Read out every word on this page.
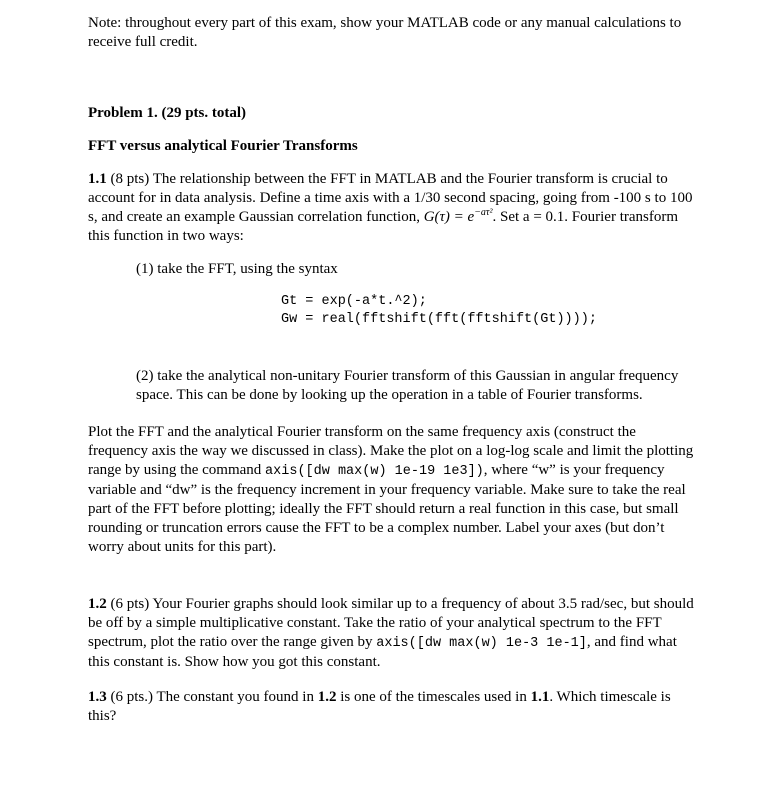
Note: throughout every part of this exam, show your MATLAB code or any manual calculations to receive full credit.

Problem 1. (29 pts. total)

FFT versus analytical Fourier Transforms

1.1 (8 pts) The relationship between the FFT in MATLAB and the Fourier transform is crucial to account for in data analysis. Define a time axis with a 1/30 second spacing, going from -100 s to 100 s, and create an example Gaussian correlation function, $G(\tau) = e^{-a\tau^2}$. Set a = 0.1. Fourier transform this function in two ways:

(1) take the FFT, using the syntax

Gt = exp(-a*t.^2);
Gw = real(fftshift(fft(fftshift(Gt))));

(2) take the analytical non-unitary Fourier transform of this Gaussian in angular frequency space. This can be done by looking up the operation in a table of Fourier transforms.

Plot the FFT and the analytical Fourier transform on the same frequency axis (construct the frequency axis the way we discussed in class). Make the plot on a log-log scale and limit the plotting range by using the command axis([dw max(w) 1e-19 1e3]), where “w” is your frequency variable and “dw” is the frequency increment in your frequency variable. Make sure to take the real part of the FFT before plotting; ideally the FFT should return a real function in this case, but small rounding or truncation errors cause the FFT to be a complex number. Label your axes (but don’t worry about units for this part).

1.2 (6 pts) Your Fourier graphs should look similar up to a frequency of about 3.5 rad/sec, but should be off by a simple multiplicative constant. Take the ratio of your analytical spectrum to the FFT spectrum, plot the ratio over the range given by axis([dw max(w) 1e-3 1e-1], and find what this constant is. Show how you got this constant.

1.3 (6 pts.) The constant you found in 1.2 is one of the timescales used in 1.1. Which timescale is this?
